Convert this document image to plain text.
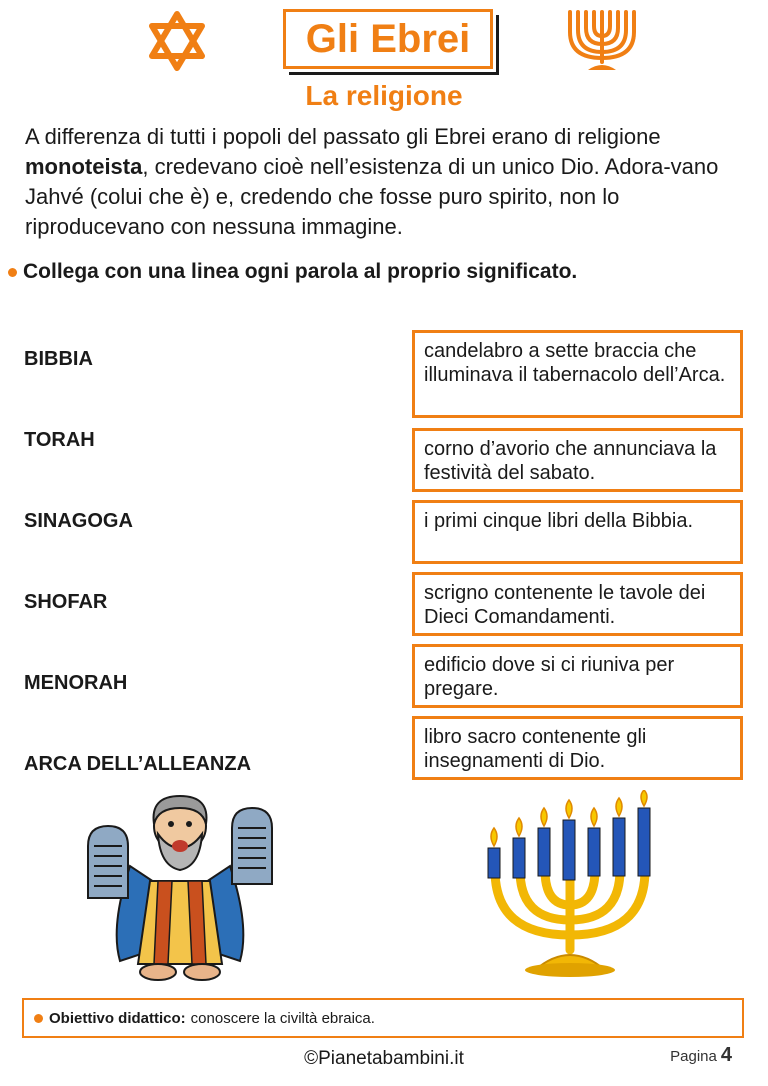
Gli Ebrei
La religione
A differenza di tutti i popoli del passato gli Ebrei erano di religione monoteista, credevano cioè nell’esistenza di un unico Dio. Adora-vano Jahvé (colui che è) e, credendo che fosse puro spirito, non lo riproducevano con nessuna immagine.
Collega con una linea ogni parola al proprio significato.
BIBBIA
TORAH
SINAGOGA
SHOFAR
MENORAH
ARCA DELL’ALLEANZA
candelabro a sette braccia che illuminava il tabernacolo dell’Arca.
corno d’avorio che annunciava la festività del sabato.
i primi cinque libri della Bibbia.
scrigno contenente le tavole dei Dieci Comandamenti.
edificio dove si ci riuniva per pregare.
libro sacro contenente gli insegnamenti di Dio.
Obiettivo didattico: conoscere la civiltà ebraica.
©Pianetabambini.it	Pagina 4
